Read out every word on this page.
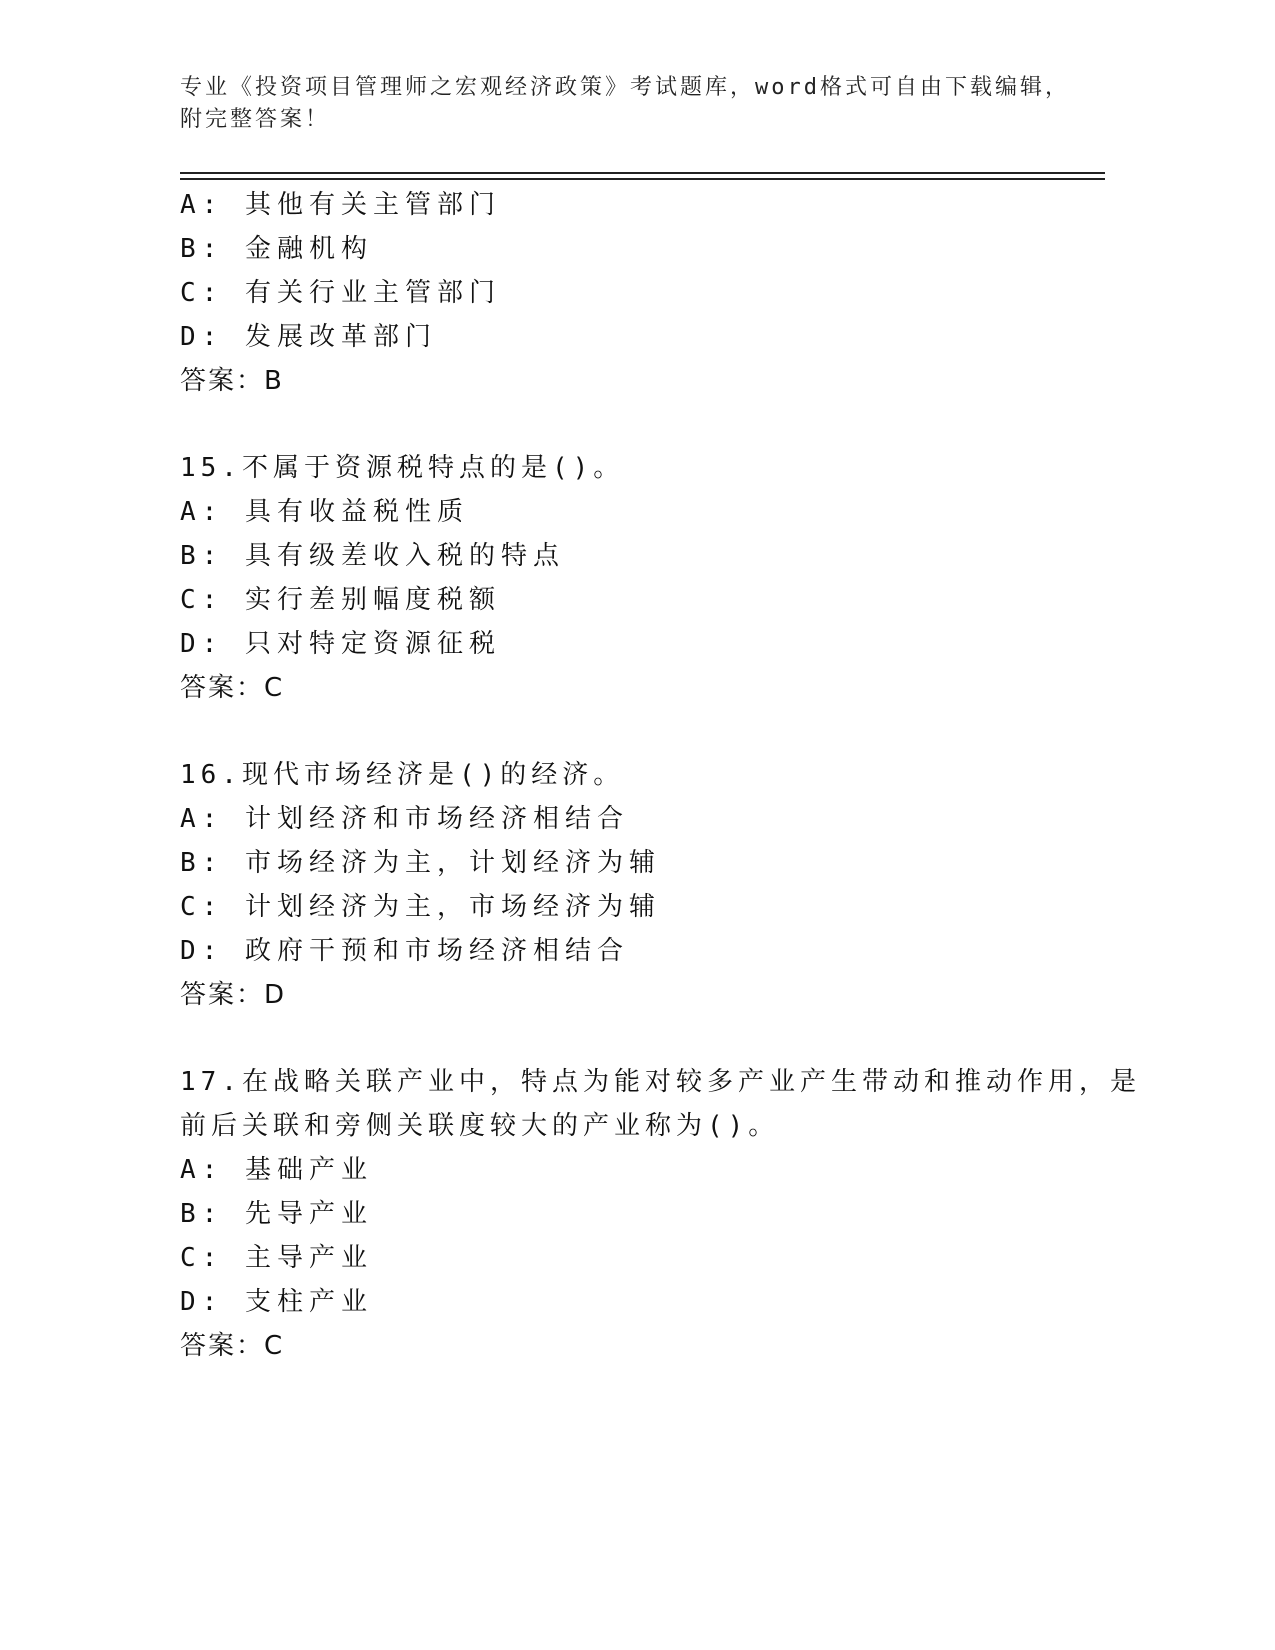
专业《投资项目管理师之宏观经济政策》考试题库，word格式可自由下载编辑，
附完整答案！
A: 其他有关主管部门
B: 金融机构
C: 有关行业主管部门
D: 发展改革部门
答案：B
15.不属于资源税特点的是()。
A: 具有收益税性质
B: 具有级差收入税的特点
C: 实行差别幅度税额
D: 只对特定资源征税
答案：C
16.现代市场经济是()的经济。
A: 计划经济和市场经济相结合
B: 市场经济为主，计划经济为辅
C: 计划经济为主，市场经济为辅
D: 政府干预和市场经济相结合
答案：D
17.在战略关联产业中，特点为能对较多产业产生带动和推动作用，是
前后关联和旁侧关联度较大的产业称为()。
A: 基础产业
B: 先导产业
C: 主导产业
D: 支柱产业
答案：C
